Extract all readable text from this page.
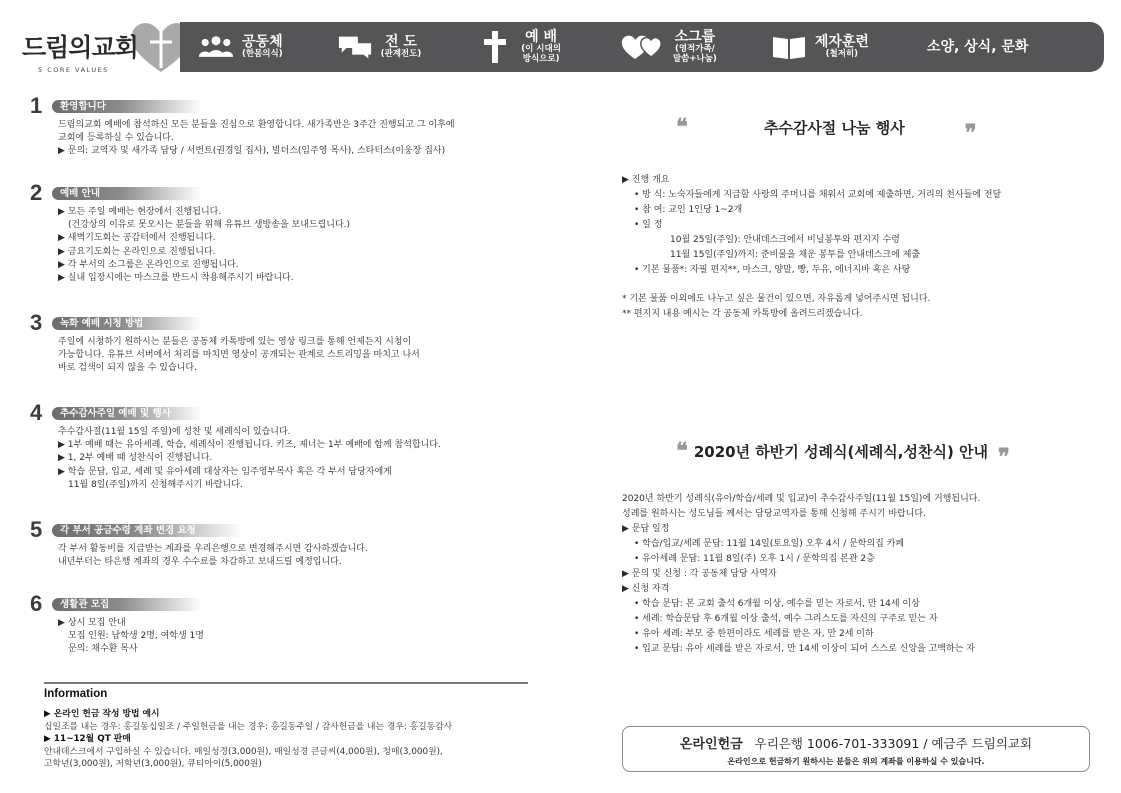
드림의교회
5 CORE VALUES
공동체
(한몸의식)
전 도
(관계전도)
예 배
(이 시대의
방식으로)
소그룹
(영적가족/
말씀+나눔)
제자훈련
(철저히)	소양, 상식, 문화
1	환영합니다
드림의교회 예배에 참석하신 모든 분들을 진심으로 환영합니다. 새가족반은 3주간 진행되고 그 이후에
교회에 등록하실 수 있습니다.
▶ 문의: 교역자 및 새가족 담당 / 서번트(권경일 집사), 빌더스(임주영 목사), 스타터스(이웅장 집사)
2	예배 안내
▶ 모든 주일 예배는 현장에서 진행됩니다.
(건강상의 이유로 못오시는 분들을 위해 유튜브 생방송을 보내드립니다.)
▶ 새벽기도회는 공감터에서 진행됩니다.
▶ 금요기도회는 온라인으로 진행됩니다.
▶ 각 부서의 소그룹은 온라인으로 진행됩니다.
▶ 실내 입장시에는 마스크를 반드시 착용해주시기 바랍니다.
3	녹화 예배 시청 방법
주일에 시청하기 원하시는 분들은 공동체 카톡방에 있는 영상 링크를 통해 언제든지 시청이
가능합니다. 유튜브 서버에서 처리를 마치면 영상이 공개되는 관계로 스트리밍을 마치고 나서
바로 검색이 되지 않을 수 있습니다.
4	추수감사주일 예배 및 행사
추수감사절(11월 15일 주일)에 성찬 및 세례식이 있습니다.
▶ 1부 예배 때는 유아세례, 학습, 세례식이 진행됩니다. 키즈, 제너는 1부 예배에 함께 참석합니다.
▶ 1, 2부 예배 때 성찬식이 진행됩니다.
▶ 학습 문답, 입교, 세례 및 유아세례 대상자는 임주영부목사 혹은 각 부서 담당자에게
11월 8일(주일)까지 신청해주시기 바랍니다.
5	각 부서 공금수령 계좌 변경 요청
각 부서 활동비를 지급받는 계좌를 우리은행으로 변경해주시면 감사하겠습니다.
내년부터는 타은행 계좌의 경우 수수료를 차감하고 보내드릴 예정입니다.
6	생활관 모집
▶ 상시 모집 안내
모집 인원: 남학생 2명, 여학생 1명
문의: 채수환 목사
Information
▶ 온라인 헌금 작성 방법 예시
십일조를 내는 경우: 홍길동십일조 / 주일헌금을 내는 경우: 홍길동주일 / 감사헌금을 내는 경우: 홍길동감사
▶ 11~12월 QT 판매
안내데스크에서 구입하실 수 있습니다. 매일성경(3,000원), 매일성경 큰글씨(4,000원), 청매(3,000원),
고학년(3,000원), 저학년(3,000원), 큐티아이(5,000원)
❝	추수감사절 나눔 행사	❞
▶ 진행 개요
• 방 식: 노숙자들에게 지급할 사랑의 주머니를 채워서 교회에 제출하면, 거리의 천사들에 전달
• 참 여: 교인 1인당 1~2개
• 일 정
10월 25일(주일): 안내데스크에서 비닐봉투와 편지지 수령
11월 15일(주일)까지: 준비물을 채운 봉투를 안내데스크에 제출
• 기본 물품*: 자필 편지**, 마스크, 양말, 빵, 두유, 에너지바 혹은 사탕
* 기본 물품 이외에도 나누고 싶은 물건이 있으면, 자유롭게 넣어주시면 됩니다.
** 편지지 내용 예시는 각 공동체 카톡방에 올려드리겠습니다.
❝ 2020년 하반기 성례식(세례식,성찬식) 안내 ❞
2020년 하반기 성례식(유아/학습/세례 및 입교)이 추수감사주일(11월 15일)에 거행됩니다.
성례를 원하시는 성도님들 께서는 담당교역자를 통해 신청해 주시기 바랍니다.
▶ 문답 일정
• 학습/입교/세례 문답: 11월 14일(토요일) 오후 4시 / 문학의집 카페
• 유아세례 문답: 11월 8일(주) 오후 1시 / 문학의집 본관 2층
▶ 문의 및 신청 : 각 공동체 담당 사역자
▶ 신청 자격
• 학습 문답: 본 교회 출석 6개월 이상, 예수를 믿는 자로서, 만 14세 이상
• 세례: 학습문답 후 6개월 이상 출석, 예수 그리스도를 자신의 구주로 믿는 자
• 유아 세례: 부모 중 한편이라도 세례를 받은 자, 만 2세 이하
• 입교 문답: 유아 세례를 받은 자로서, 만 14세 이상이 되어 스스로 신앙을 고백하는 자
온라인헌금 우리은행 1006-701-333091 / 예금주 드림의교회
온라인으로 헌금하기 원하시는 분들은 위의 계좌를 이용하실 수 있습니다.
